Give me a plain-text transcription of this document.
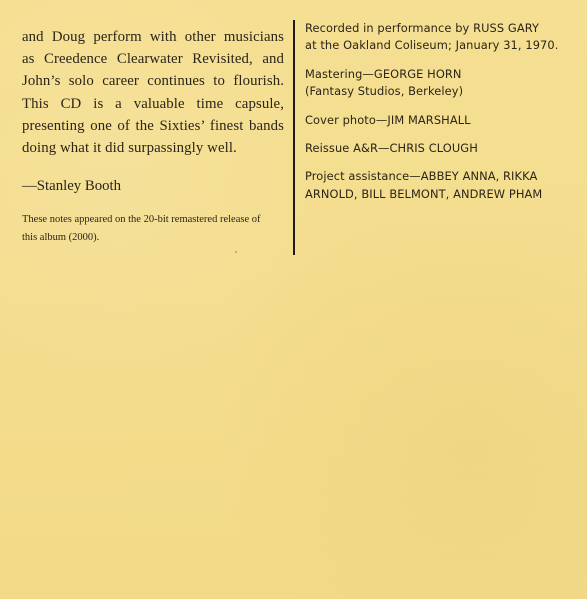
and Doug perform with other musicians
as Creedence Clearwater Revisited, and
John’s solo career continues to flourish.
This CD is a valuable time capsule,
presenting one of the Sixties’ finest bands
doing what it did surpassingly well.
—Stanley Booth
These notes appeared on the 20-bit remastered release of this album (2000).
Recorded in performance by RUSS GARY
at the Oakland Coliseum; January 31, 1970.
Mastering—GEORGE HORN
(Fantasy Studios, Berkeley)
Cover photo—JIM MARSHALL
Reissue A&R—CHRIS CLOUGH
Project assistance—ABBEY ANNA, RIKKA
ARNOLD, BILL BELMONT, ANDREW PHAM
